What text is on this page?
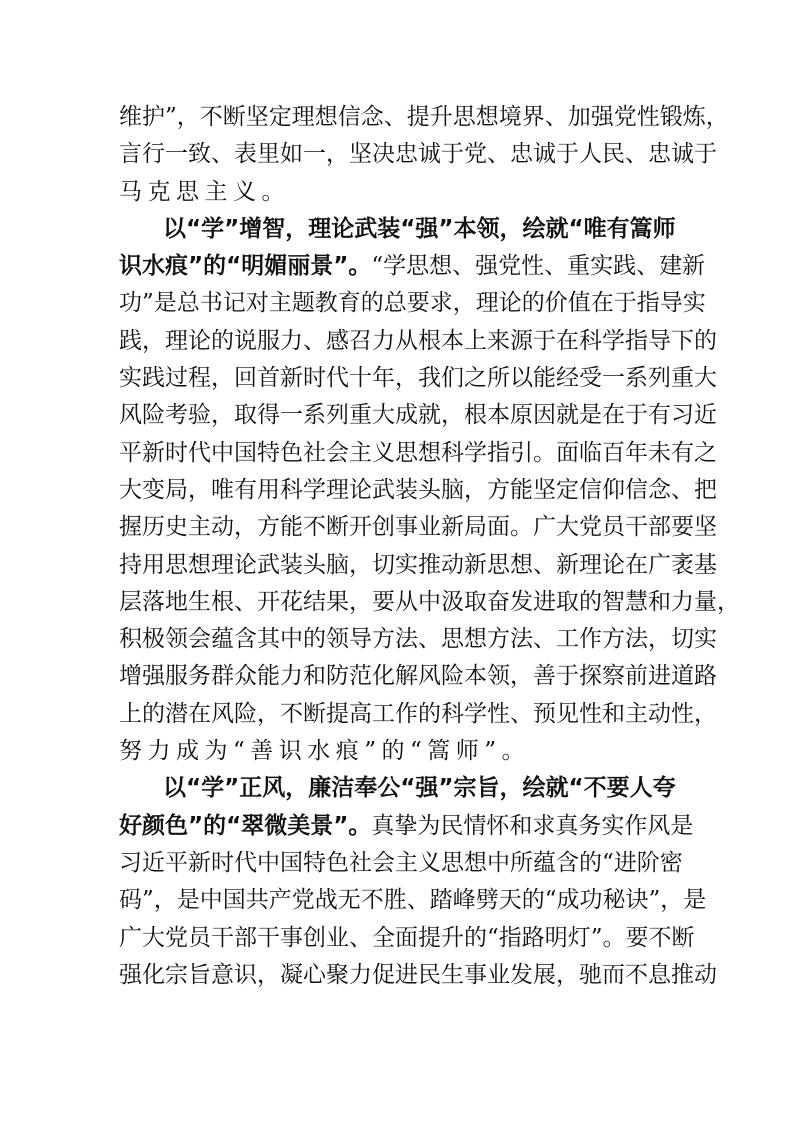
维护”，不断坚定理想信念、提升思想境界、加强党性锻炼，
言行一致、表里如一，坚决忠诚于党、忠诚于人民、忠诚于
马克思主义。
以“学”增智，理论武装“强”本领，绘就“唯有篙师
识水痕”的“明媚丽景”。“学思想、强党性、重实践、建新
功”是总书记对主题教育的总要求，理论的价值在于指导实
践，理论的说服力、感召力从根本上来源于在科学指导下的
实践过程，回首新时代十年，我们之所以能经受一系列重大
风险考验，取得一系列重大成就，根本原因就是在于有习近
平新时代中国特色社会主义思想科学指引。面临百年未有之
大变局，唯有用科学理论武装头脑，方能坚定信仰信念、把
握历史主动，方能不断开创事业新局面。广大党员干部要坚
持用思想理论武装头脑，切实推动新思想、新理论在广袤基
层落地生根、开花结果，要从中汲取奋发进取的智慧和力量，
积极领会蕴含其中的领导方法、思想方法、工作方法，切实
增强服务群众能力和防范化解风险本领，善于探察前进道路
上的潜在风险，不断提高工作的科学性、预见性和主动性，
努力成为“善识水痕”的“篙师”。
以“学”正风，廉洁奉公“强”宗旨，绘就“不要人夸
好颜色”的“翠微美景”。真挚为民情怀和求真务实作风是
习近平新时代中国特色社会主义思想中所蕴含的“进阶密
码”，是中国共产党战无不胜、踏峰劈天的“成功秘诀”，是
广大党员干部干事创业、全面提升的“指路明灯”。要不断
强化宗旨意识，凝心聚力促进民生事业发展，驰而不息推动
